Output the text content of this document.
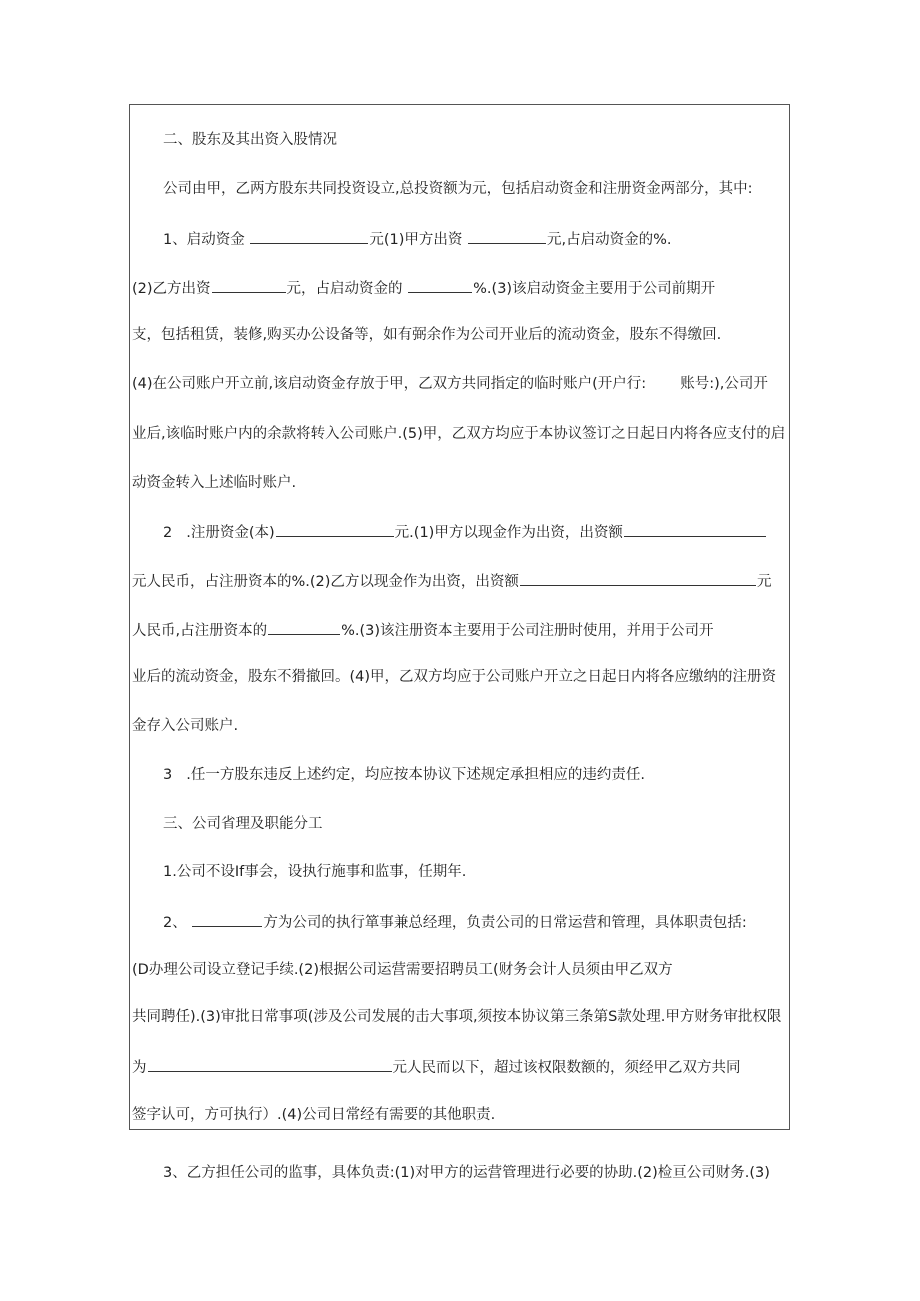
二、股东及其出资入股情况
公司由甲，乙两方股东共同投资设立,总投资额为元，包括启动资金和注册资金两部分，其中:
1、启动资金	元(1)甲方出资	元,占启动资金的%.
(2)乙方出资	元，占启动资金的	%.(3)该启动资金主要用于公司前期开
支，包括租赁，装修,购买办公设备等，如有弼余作为公司开业后的流动资金，股东不得缴回.
(4)在公司账户开立前,该启动资金存放于甲，乙双方共同指定的临时账户(开户行: 账号:),公司开
业后,该临时账户内的余款将转入公司账户.(5)甲，乙双方均应于本协议签订之日起日内将各应支付的启
动资金转入上述临时账户.
2 .注册资金(本)	元.(1)甲方以现金作为出资，出资额
元人民币，占注册资本的%.(2)乙方以现金作为出资，出资额	元
人民币,占注册资本的	%.(3)该注册资本主要用于公司注册时使用，并用于公司开
业后的流动资金，股东不猾撤回。(4)甲，乙双方均应于公司账户开立之日起日内将各应缴纳的注册资
金存入公司账户.
3 .任一方股东违反上述约定，均应按本协议下述规定承担相应的违约责任.
三、公司省理及职能分工
1.公司不设If事会，设执行施事和监事，任期年.
2、	方为公司的执行箪事兼总经理，负责公司的日常运营和管理，具体职责包括:
(D办理公司设立登记手续.(2)根据公司运营需要招聘员工(财务会计人员须由甲乙双方
共同聘任).(3)审批日常事项(涉及公司发展的击大事项,须按本协议第三条第S款处理.甲方财务审批权限
为	元人民而以下，超过该权限数额的，须经甲乙双方共同
签字认可，方可执行）.(4)公司日常经有需要的其他职责.
3、乙方担任公司的监事，具体负责:(1)对甲方的运营管理进行必要的协助.(2)检亘公司财务.(3)
